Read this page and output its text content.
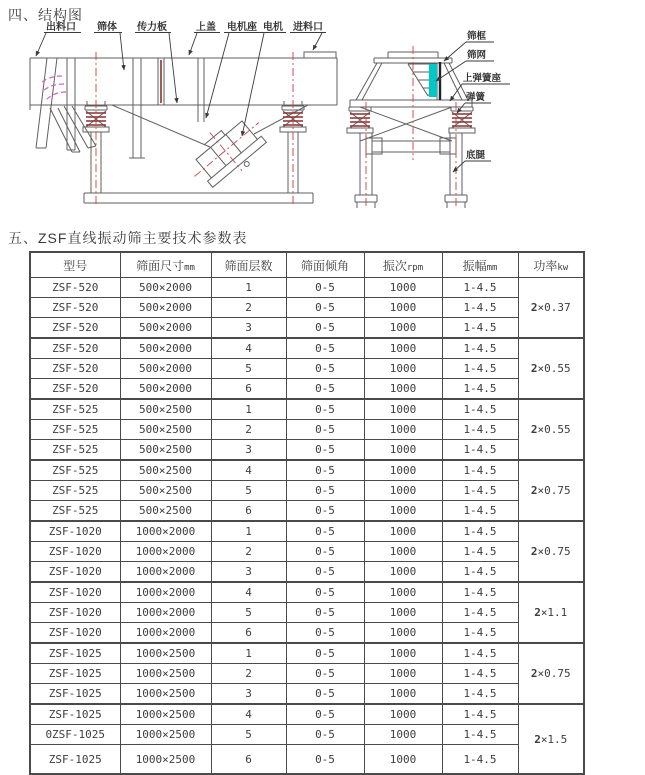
四、结构图
出料口 筛体 传力板	上盖 电机座 电机 进料口
筛框
筛网
上弹簧座
弹簧
底腿
五、ZSF直线振动筛主要技术参数表
型号	筛面尺寸mm	筛面层数	筛面倾角	振次rpm	振幅mm	功率kw
ZSF-520	500×2000	1	0-5	1000	1-4.5	2×0.37

ZSF-520	500×2000	2	0-5	1000	1-4.5	
ZSF-520	500×2000	3	0-5	1000	1-4.5	
ZSF-520	500×2000	4	0-5	1000	1-4.5	2×0.55

ZSF-520	500×2000	5	0-5	1000	1-4.5	
ZSF-520	500×2000	6	0-5	1000	1-4.5	
ZSF-525	500×2500	1	0-5	1000	1-4.5	2×0.55

ZSF-525	500×2500	2	0-5	1000	1-4.5	
ZSF-525	500×2500	3	0-5	1000	1-4.5	
ZSF-525	500×2500	4	0-5	1000	1-4.5	2×0.75

ZSF-525	500×2500	5	0-5	1000	1-4.5	
ZSF-525	500×2500	6	0-5	1000	1-4.5	
ZSF-1020	1000×2000	1	0-5	1000	1-4.5	2×0.75

ZSF-1020	1000×2000	2	0-5	1000	1-4.5	
ZSF-1020	1000×2000	3	0-5	1000	1-4.5	
ZSF-1020	1000×2000	4	0-5	1000	1-4.5	2×1.1

ZSF-1020	1000×2000	5	0-5	1000	1-4.5	
ZSF-1020	1000×2000	6	0-5	1000	1-4.5	
ZSF-1025	1000×2500	1	0-5	1000	1-4.5	2×0.75

ZSF-1025	1000×2500	2	0-5	1000	1-4.5	
ZSF-1025	1000×2500	3	0-5	1000	1-4.5	
ZSF-1025	1000×2500	4	0-5	1000	1-4.5	2×1.5

0ZSF-1025	1000×2500	5	0-5	1000	1-4.5	
ZSF-1025	1000×2500	6	0-5	1000	1-4.5	
